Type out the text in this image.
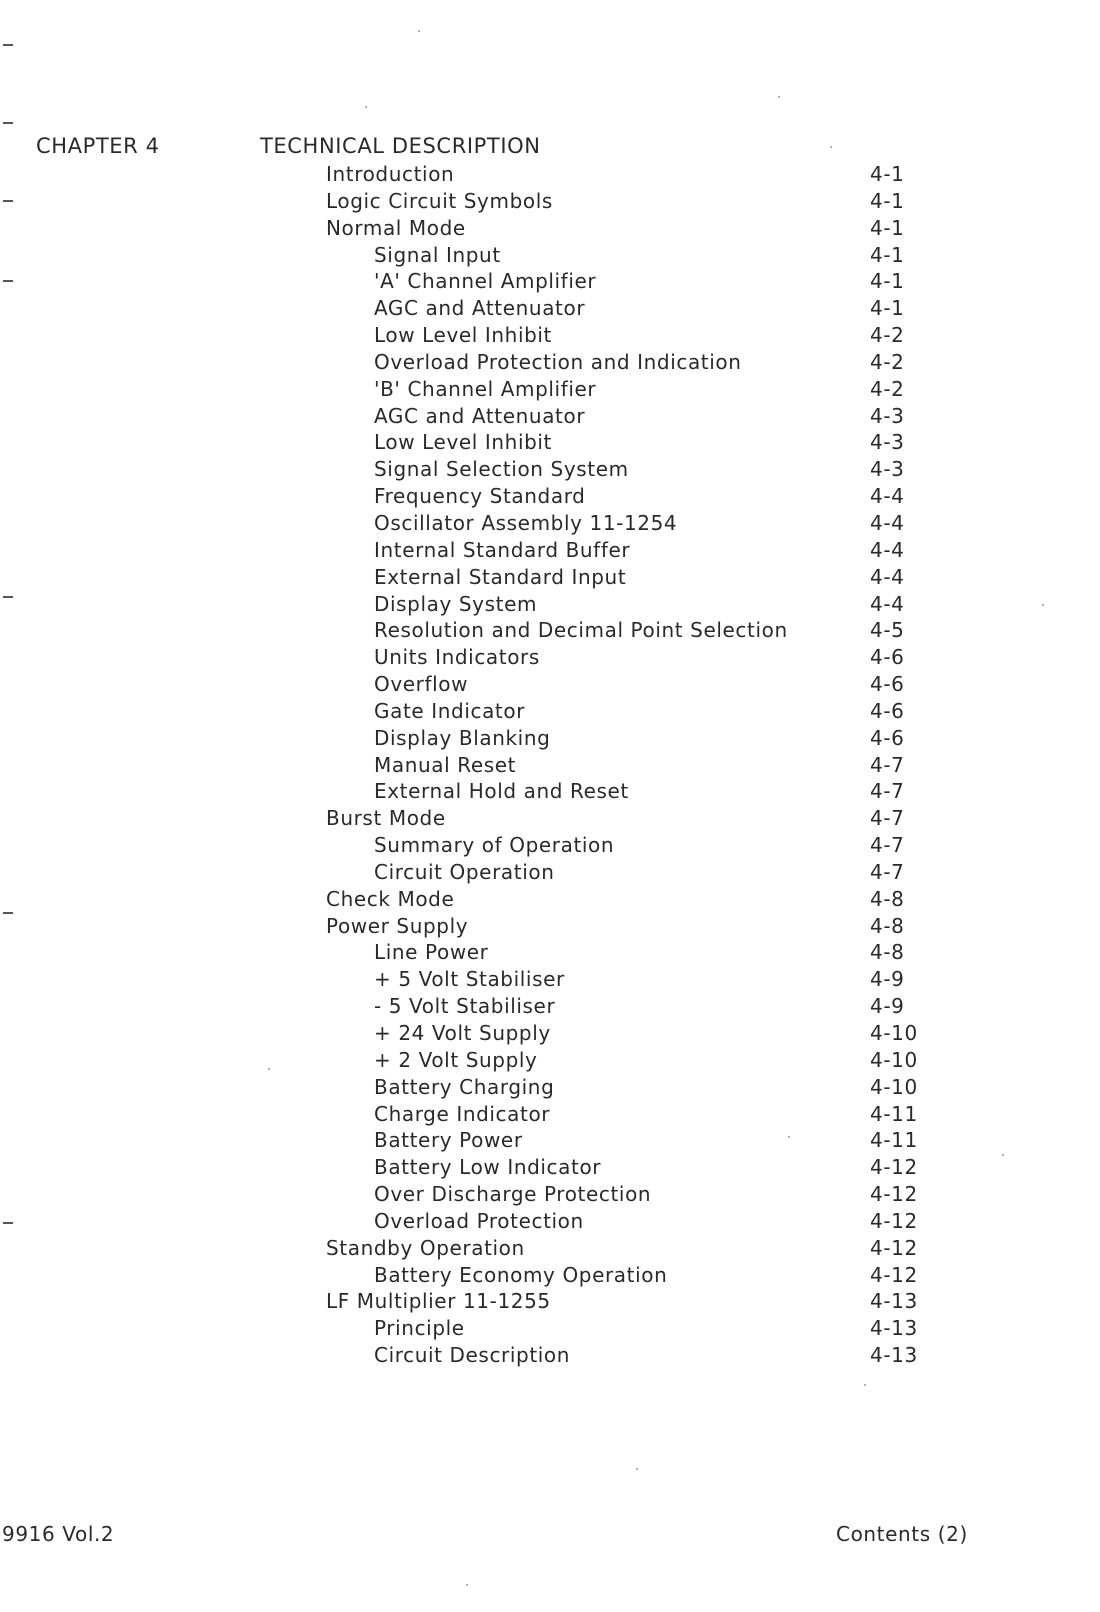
CHAPTER 4	TECHNICAL DESCRIPTION
Introduction	4-1
Logic Circuit Symbols	4-1
Normal Mode	4-1
Signal Input	4-1
'A' Channel Amplifier	4-1
AGC and Attenuator	4-1
Low Level Inhibit	4-2
Overload Protection and Indication	4-2
'B' Channel Amplifier	4-2
AGC and Attenuator	4-3
Low Level Inhibit	4-3
Signal Selection System	4-3
Frequency Standard	4-4
Oscillator Assembly 11-1254	4-4
Internal Standard Buffer	4-4
External Standard Input	4-4
Display System	4-4
Resolution and Decimal Point Selection	4-5
Units Indicators	4-6
Overflow	4-6
Gate Indicator	4-6
Display Blanking	4-6
Manual Reset	4-7
External Hold and Reset	4-7
Burst Mode	4-7
Summary of Operation	4-7
Circuit Operation	4-7
Check Mode	4-8
Power Supply	4-8
Line Power	4-8
+ 5 Volt Stabiliser	4-9
- 5 Volt Stabiliser	4-9
+ 24 Volt Supply	4-10
+ 2 Volt Supply	4-10
Battery Charging	4-10
Charge Indicator	4-11
Battery Power	4-11
Battery Low Indicator	4-12
Over Discharge Protection	4-12
Overload Protection	4-12
Standby Operation	4-12
Battery Economy Operation	4-12
LF Multiplier 11-1255	4-13
Principle	4-13
Circuit Description	4-13
9916 Vol.2	Contents (2)
